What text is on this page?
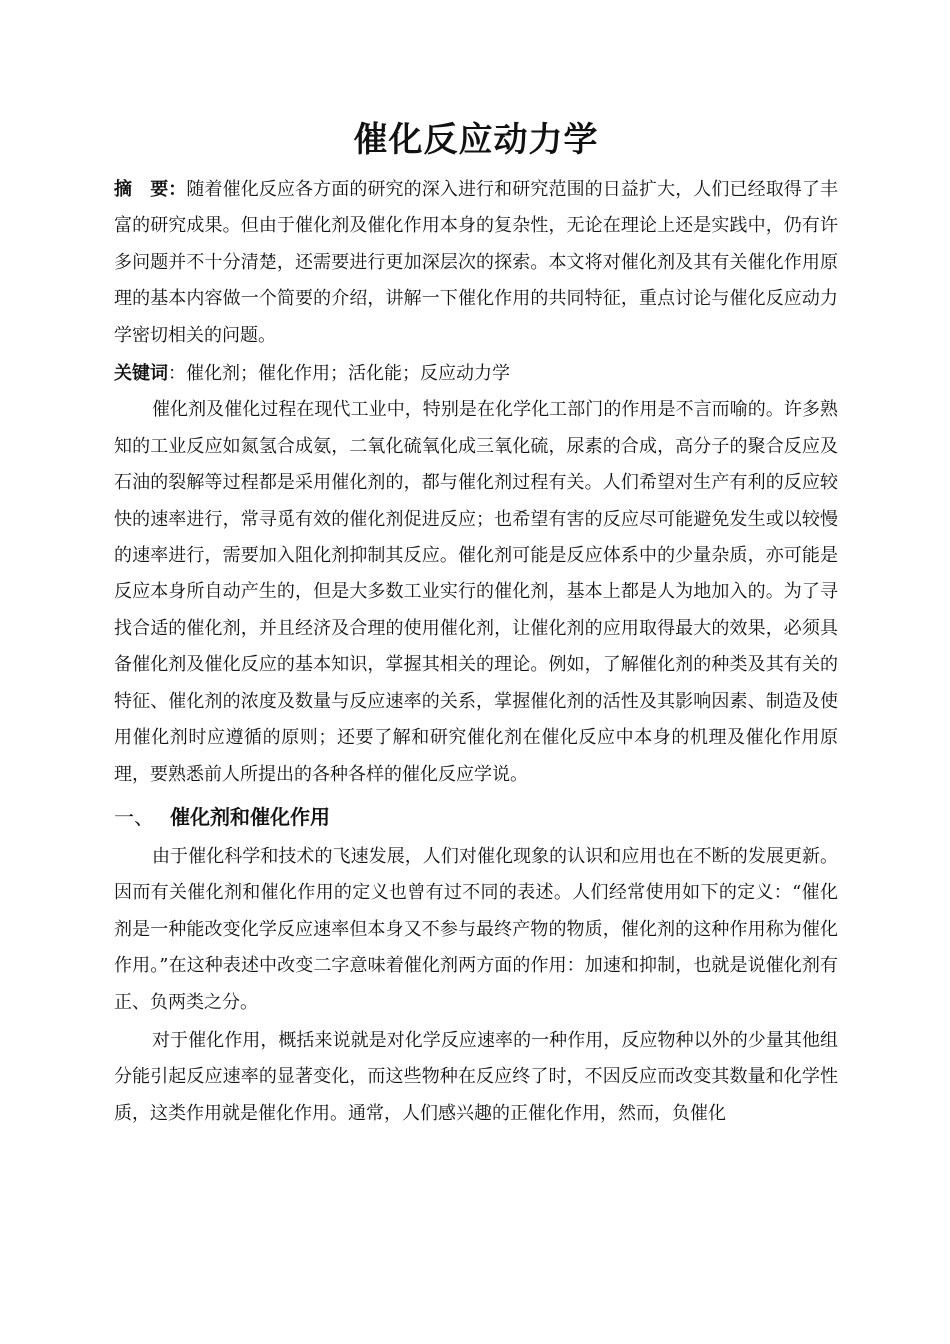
催化反应动力学

摘　要：随着催化反应各方面的研究的深入进行和研究范围的日益扩大，人们已经取得了丰富的研究成果。但由于催化剂及催化作用本身的复杂性，无论在理论上还是实践中，仍有许多问题并不十分清楚，还需要进行更加深层次的探索。本文将对催化剂及其有关催化作用原理的基本内容做一个简要的介绍，讲解一下催化作用的共同特征，重点讨论与催化反应动力学密切相关的问题。

关键词：催化剂；催化作用；活化能；反应动力学

催化剂及催化过程在现代工业中，特别是在化学化工部门的作用是不言而喻的。许多熟知的工业反应如氮氢合成氨，二氧化硫氧化成三氧化硫，尿素的合成，高分子的聚合反应及石油的裂解等过程都是采用催化剂的，都与催化剂过程有关。人们希望对生产有利的反应较快的速率进行，常寻觅有效的催化剂促进反应；也希望有害的反应尽可能避免发生或以较慢的速率进行，需要加入阻化剂抑制其反应。催化剂可能是反应体系中的少量杂质，亦可能是反应本身所自动产生的，但是大多数工业实行的催化剂，基本上都是人为地加入的。为了寻找合适的催化剂，并且经济及合理的使用催化剂，让催化剂的应用取得最大的效果，必须具备催化剂及催化反应的基本知识，掌握其相关的理论。例如，了解催化剂的种类及其有关的特征、催化剂的浓度及数量与反应速率的关系，掌握催化剂的活性及其影响因素、制造及使用催化剂时应遵循的原则；还要了解和研究催化剂在催化反应中本身的机理及催化作用原理，要熟悉前人所提出的各种各样的催化反应学说。

一、 催化剂和催化作用

由于催化科学和技术的飞速发展，人们对催化现象的认识和应用也在不断的发展更新。因而有关催化剂和催化作用的定义也曾有过不同的表述。人们经常使用如下的定义：“催化剂是一种能改变化学反应速率但本身又不参与最终产物的物质，催化剂的这种作用称为催化作用。”在这种表述中改变二字意味着催化剂两方面的作用：加速和抑制，也就是说催化剂有正、负两类之分。

对于催化作用，概括来说就是对化学反应速率的一种作用，反应物种以外的少量其他组分能引起反应速率的显著变化，而这些物种在反应终了时，不因反应而改变其数量和化学性质，这类作用就是催化作用。通常，人们感兴趣的正催化作用，然而，负催化
